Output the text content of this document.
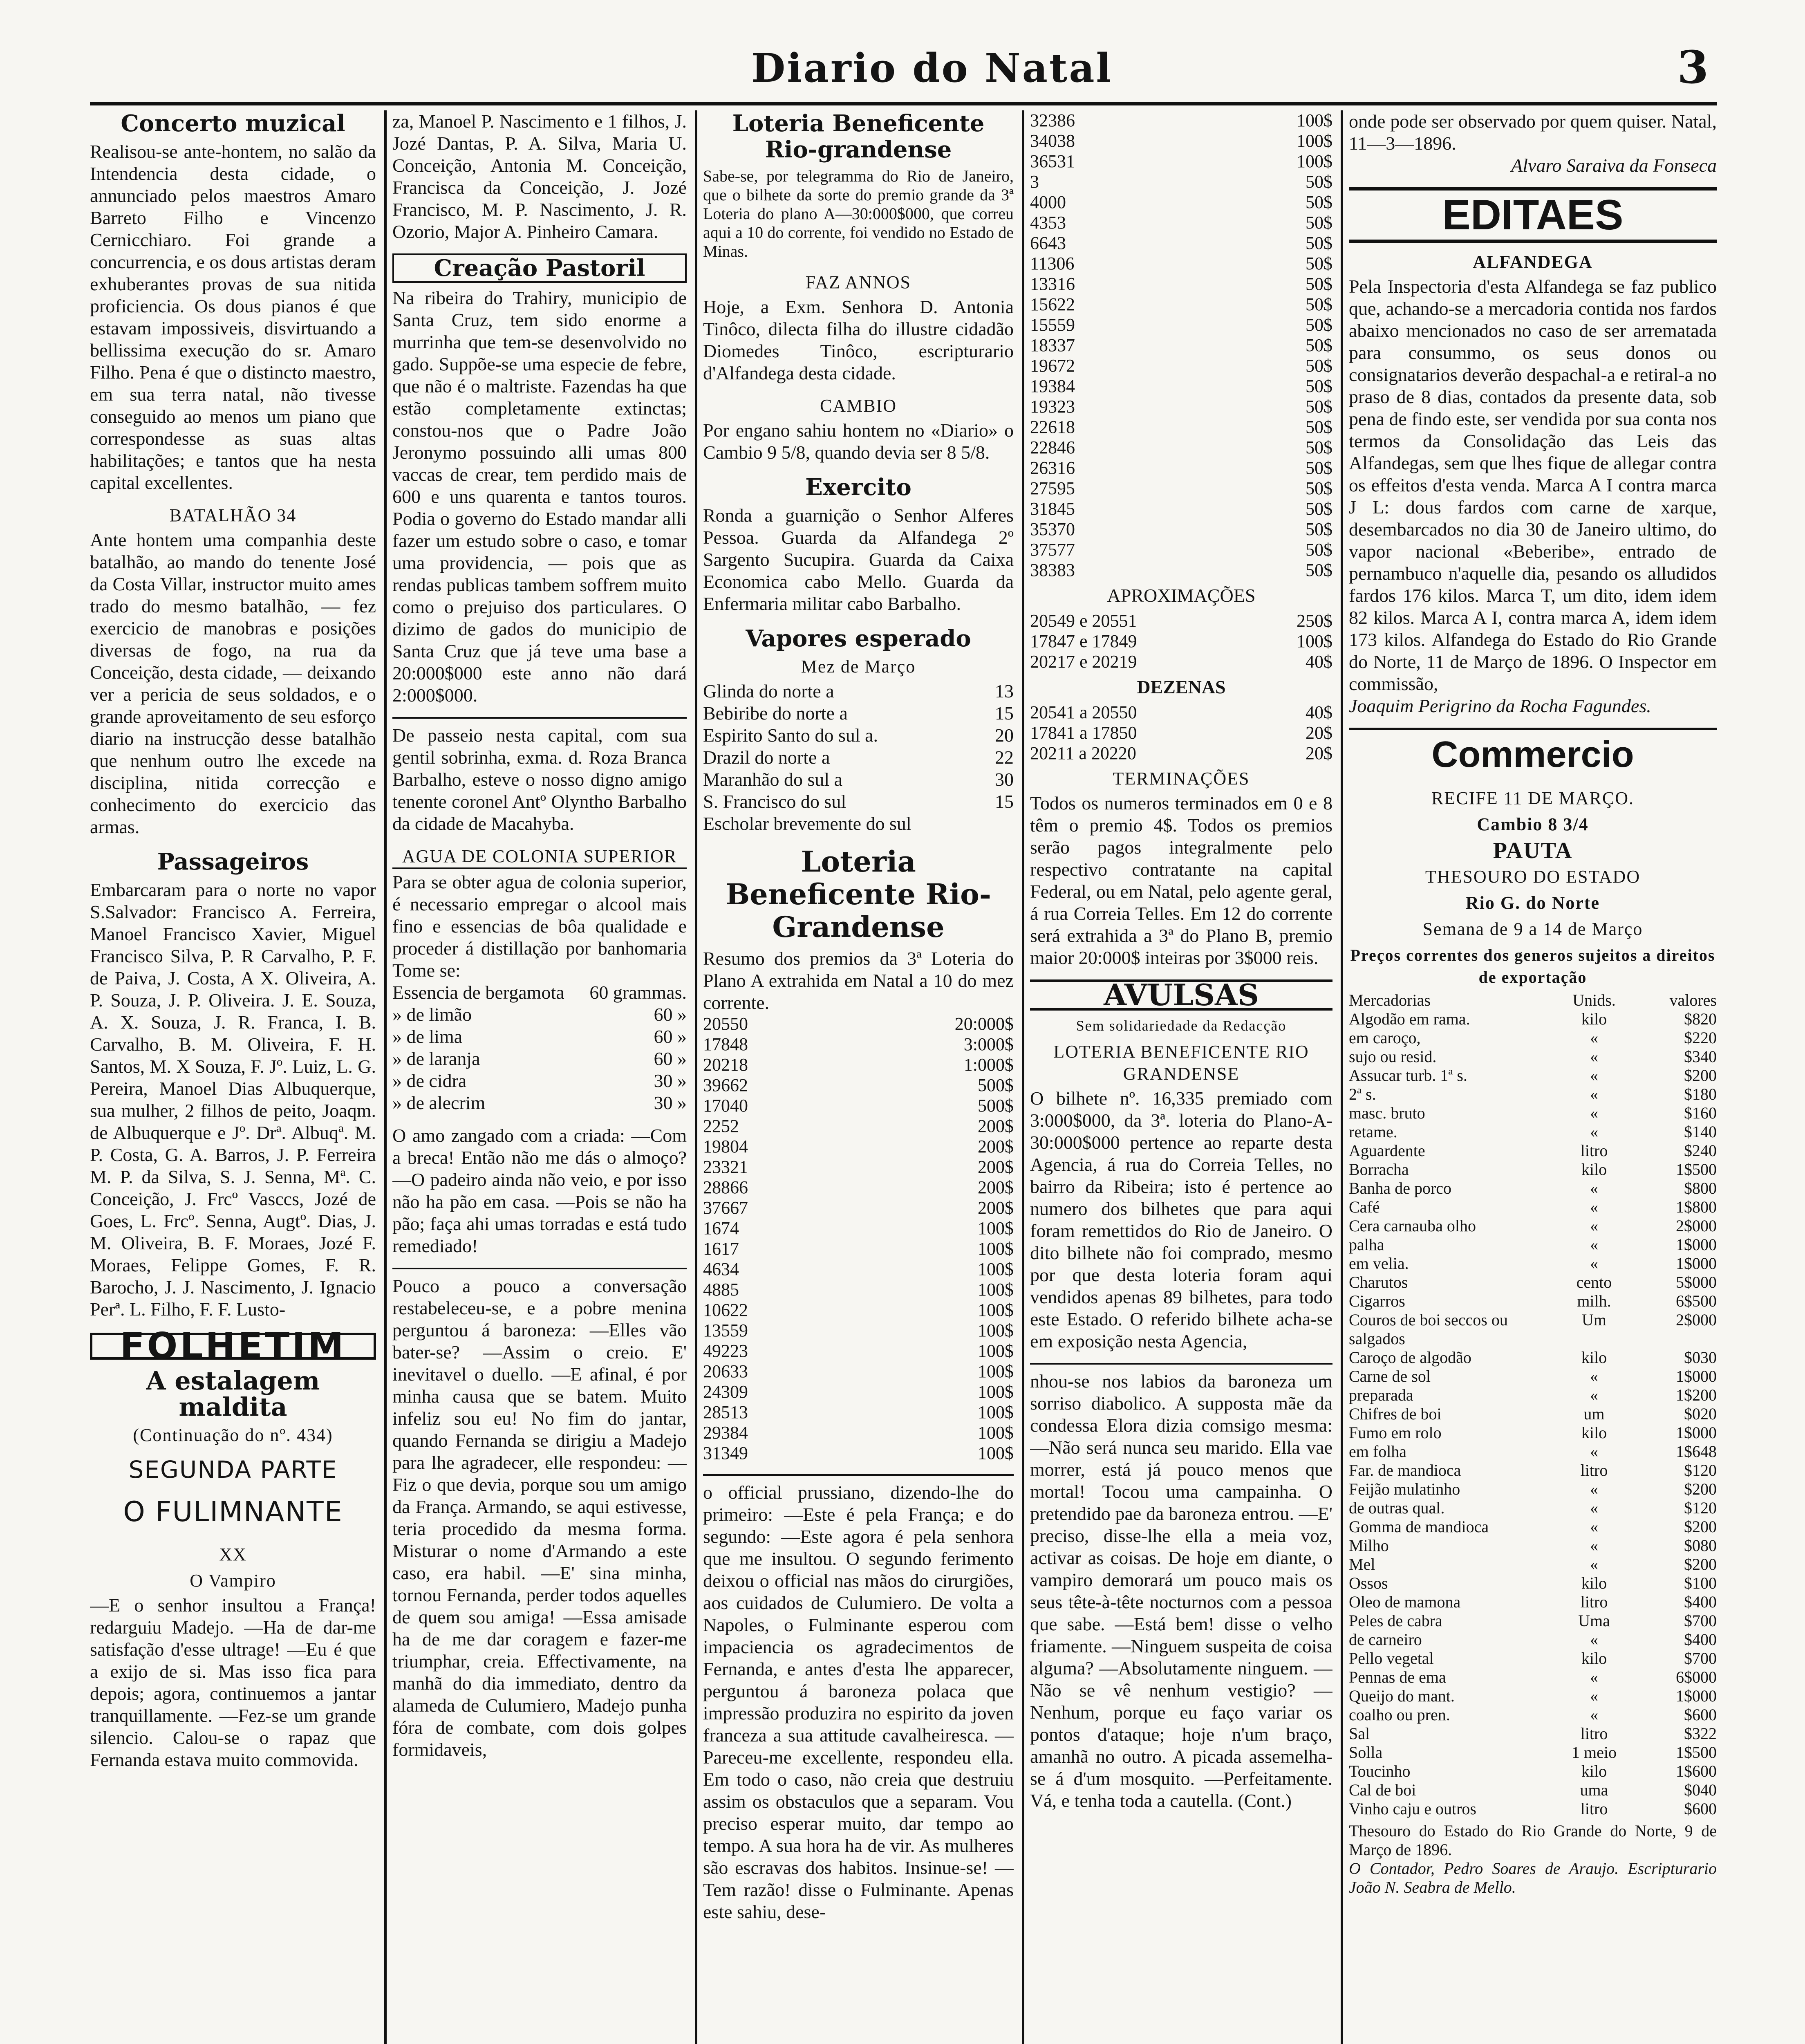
Diario do Natal	3
Concerto muzical

Realisou-se ante-hontem, no salão da Intendencia desta cidade, o annunciado pelos maestros Amaro Barreto Filho e Vincenzo Cernicchiaro. Foi grande a concurrencia, e os dous artistas deram exhuberantes provas de sua nitida proficiencia. Os dous pianos é que estavam impossiveis, disvirtuando a bellissima execução do sr. Amaro Filho. Pena é que o distincto maestro, em sua terra natal, não tivesse conseguido ao menos um piano que correspondesse as suas altas habilitações; e tantos que ha nesta capital excellentes.

BATALHÃO 34

Ante hontem uma companhia deste batalhão, ao mando do tenente José da Costa Villar, instructor muito ames trado do mesmo batalhão, — fez exercicio de manobras e posições diversas de fogo, na rua da Conceição, desta cidade, — deixando ver a pericia de seus soldados, e o grande aproveitamento de seu esforço diario na instrucção desse batalhão que nenhum outro lhe excede na disciplina, nitida correcção e conhecimento do exercicio das armas.

Passageiros

Embarcaram para o norte no vapor S.Salvador: Francisco A. Ferreira, Manoel Francisco Xavier, Miguel Francisco Silva, P. R Carvalho, P. F. de Paiva, J. Costa, A X. Oliveira, A. P. Souza, J. P. Oliveira. J. E. Souza, A. X. Souza, J. R. Franca, I. B. Carvalho, B. M. Oliveira, F. H. Santos, M. X Souza, F. Jº. Luiz, L. G. Pereira, Manoel Dias Albuquerque, sua mulher, 2 filhos de peito, Joaqm. de Albuquerque e Jº. Drª. Albuqª. M. P. Costa, G. A. Barros, J. P. Ferreira M. P. da Silva, S. J. Senna, Mª. C. Conceição, J. Frcº Vasccs, Jozé de Goes, L. Frcº. Senna, Augtº. Dias, J. M. Oliveira, B. F. Moraes, Jozé F. Moraes, Felippe Gomes, F. R. Barocho, J. J. Nascimento, J. Ignacio Perª. L. Filho, F. F. Lusto-

FOLHETIM
A estalagem maldita
(Continuação do nº. 434)
SEGUNDA PARTE
O FULIMNANTE
XX
O Vampiro

—E o senhor insultou a França! redarguiu Madejo. —Ha de dar-me satisfação d'esse ultrage! —Eu é que a exijo de si. Mas isso fica para depois; agora, continuemos a jantar tranquillamente. —Fez-se um grande silencio. Calou-se o rapaz que Fernanda estava muito commovida.

za, Manoel P. Nascimento e 1 filhos, J. Jozé Dantas, P. A. Silva, Maria U. Conceição, Antonia M. Conceição, Francisca da Conceição, J. Jozé Francisco, M. P. Nascimento, J. R. Ozorio, Major A. Pinheiro Camara.

Creação Pastoril

Na ribeira do Trahiry, municipio de Santa Cruz, tem sido enorme a murrinha que tem-se desenvolvido no gado. Suppõe-se uma especie de febre, que não é o maltriste. Fazendas ha que estão completamente extinctas; constou-nos que o Padre João Jeronymo possuindo alli umas 800 vaccas de crear, tem perdido mais de 600 e uns quarenta e tantos touros. Podia o governo do Estado mandar alli fazer um estudo sobre o caso, e tomar uma providencia, — pois que as rendas publicas tambem soffrem muito como o prejuiso dos particulares. O dizimo de gados do municipio de Santa Cruz que já teve uma base a 20:000$000 este anno não dará 2:000$000.

De passeio nesta capital, com sua gentil sobrinha, exma. d. Roza Branca Barbalho, esteve o nosso digno amigo tenente coronel Antº Olyntho Barbalho da cidade de Macahyba.

AGUA DE COLONIA SUPERIOR

Para se obter agua de colonia superior, é necessario empregar o alcool mais fino e essencias de bôa qualidade e proceder á distillação por banhomaria Tome se:

Essencia de bergamota 60 grammas.
» de limão	60 »
» de lima	60 »
» de laranja	60 »
» de cidra	30 »
» de alecrim	30 »

O amo zangado com a criada: —Com a breca! Então não me dás o almoço? —O padeiro ainda não veio, e por isso não ha pão em casa. —Pois se não ha pão; faça ahi umas torradas e está tudo remediado!

Pouco a pouco a conversação restabeleceu-se, e a pobre menina perguntou á baroneza: —Elles vão bater-se? —Assim o creio. E' inevitavel o duello. —E afinal, é por minha causa que se batem. Muito infeliz sou eu! No fim do jantar, quando Fernanda se dirigiu a Madejo para lhe agradecer, elle respondeu: —Fiz o que devia, porque sou um amigo da França. Armando, se aqui estivesse, teria procedido da mesma forma. Misturar o nome d'Armando a este caso, era habil. —E' sina minha, tornou Fernanda, perder todos aquelles de quem sou amiga! —Essa amisade ha de me dar coragem e fazer-me triumphar, creia. Effectivamente, na manhã do dia immediato, dentro da alameda de Culumiero, Madejo punha fóra de combate, com dois golpes formidaveis,

Loteria Beneficente Rio-grandense

Sabe-se, por telegramma do Rio de Janeiro, que o bilhete da sorte do premio grande da 3ª Loteria do plano A—30:000$000, que correu aqui a 10 do corrente, foi vendido no Estado de Minas.

FAZ ANNOS

Hoje, a Exm. Senhora D. Antonia Tinôco, dilecta filha do illustre cidadão Diomedes Tinôco, escripturario d'Alfandega desta cidade.

CAMBIO

Por engano sahiu hontem no «Diario» o Cambio 9 5/8, quando devia ser 8 5/8.

Exercito

Ronda a guarnição o Senhor Alferes Pessoa. Guarda da Alfandega 2º Sargento Sucupira. Guarda da Caixa Economica cabo Mello. Guarda da Enfermaria militar cabo Barbalho.

Vapores esperado
Mez de Março
Glinda do norte a	13
Bebiribe do norte a	15
Espirito Santo do sul a.	20
Drazil do norte a	22
Maranhão do sul a	30
S. Francisco do sul	15
Escholar brevemente do sul
Loteria Beneficente Rio-Grandense

Resumo dos premios da 3ª Loteria do Plano A extrahida em Natal a 10 do mez corrente.

20550	20:000$
17848	3:000$
20218	1:000$
39662	500$
17040	500$
2252	200$
19804	200$
23321	200$
28866	200$
37667	200$
1674	100$
1617	100$
4634	100$
4885	100$
10622	100$
13559	100$
49223	100$
20633	100$
24309	100$
28513	100$
29384	100$
31349	100$

o official prussiano, dizendo-lhe do primeiro: —Este é pela França; e do segundo: —Este agora é pela senhora que me insultou. O segundo ferimento deixou o official nas mãos do cirurgiões, aos cuidados de Culumiero. De volta a Napoles, o Fulminante esperou com impaciencia os agradecimentos de Fernanda, e antes d'esta lhe apparecer, perguntou á baroneza polaca que impressão produzira no espirito da joven franceza a sua attitude cavalheiresca. —Pareceu-me excellente, respondeu ella. Em todo o caso, não creia que destruiu assim os obstaculos que a separam. Vou preciso esperar muito, dar tempo ao tempo. A sua hora ha de vir. As mulheres são escravas dos habitos. Insinue-se! —Tem razão! disse o Fulminante. Apenas este sahiu, dese-

32386	100$
34038	100$
36531	100$
3	50$
4000	50$
4353	50$
6643	50$
11306	50$
13316	50$
15622	50$
15559	50$
18337	50$
19672	50$
19384	50$
19323	50$
22618	50$
22846	50$
26316	50$
27595	50$
31845	50$
35370	50$
37577	50$
38383	50$
APROXIMAÇÕES
20549 e 20551	250$
17847 e 17849	100$
20217 e 20219	40$
DEZENAS
20541 a 20550	40$
17841 a 17850	20$
20211 a 20220	20$
TERMINAÇÕES

Todos os numeros terminados em 0 e 8 têm o premio 4$. Todos os premios serão pagos integralmente pelo respectivo contratante na capital Federal, ou em Natal, pelo agente geral, á rua Correia Telles. Em 12 do corrente será extrahida a 3ª do Plano B, premio maior 20:000$ inteiras por 3$000 reis.

AVULSAS
Sem solidariedade da Redacção
LOTERIA BENEFICENTE RIO GRANDENSE

O bilhete nº. 16,335 premiado com 3:000$000, da 3ª. loteria do Plano-A-30:000$000 pertence ao reparte desta Agencia, á rua do Correia Telles, no bairro da Ribeira; isto é pertence ao numero dos bilhetes que para aqui foram remettidos do Rio de Janeiro. O dito bilhete não foi comprado, mesmo por que desta loteria foram aqui vendidos apenas 89 bilhetes, para todo este Estado. O referido bilhete acha-se em exposição nesta Agencia,

nhou-se nos labios da baroneza um sorriso diabolico. A supposta mãe da condessa Elora dizia comsigo mesma: —Não será nunca seu marido. Ella vae morrer, está já pouco menos que mortal! Tocou uma campainha. O pretendido pae da baroneza entrou. —E' preciso, disse-lhe ella a meia voz, activar as coisas. De hoje em diante, o vampiro demorará um pouco mais os seus tête-à-tête nocturnos com a pessoa que sabe. —Está bem! disse o velho friamente. —Ninguem suspeita de coisa alguma? —Absolutamente ninguem. —Não se vê nenhum vestigio? —Nenhum, porque eu faço variar os pontos d'ataque; hoje n'um braço, amanhã no outro. A picada assemelha-se á d'um mosquito. —Perfeitamente. Vá, e tenha toda a cautella. (Cont.)

onde pode ser observado por quem quiser. Natal, 11—3—1896.

Alvaro Saraiva da Fonseca

EDITAES
ALFANDEGA

Pela Inspectoria d'esta Alfandega se faz publico que, achando-se a mercadoria contida nos fardos abaixo mencionados no caso de ser arrematada para consummo, os seus donos ou consignatarios deverão despachal-a e retiral-a no praso de 8 dias, contados da presente data, sob pena de findo este, ser vendida por sua conta nos termos da Consolidação das Leis das Alfandegas, sem que lhes fique de allegar contra os effeitos d'esta venda. Marca A I contra marca J L: dous fardos com carne de xarque, desembarcados no dia 30 de Janeiro ultimo, do vapor nacional «Beberibe», entrado de pernambuco n'aquelle dia, pesando os alludidos fardos 176 kilos. Marca T, um dito, idem idem 82 kilos. Marca A I, contra marca A, idem idem 173 kilos. Alfandega do Estado do Rio Grande do Norte, 11 de Março de 1896. O Inspector em commissão,

Joaquim Perigrino da Rocha Fagundes.

Commercio
RECIFE 11 DE MARÇO.
Cambio 8 3/4
PAUTA
THESOURO DO ESTADO
Rio G. do Norte
Semana de 9 a 14 de Março
Preços correntes dos generos sujeitos a direitos de exportação
Mercadorias	Unids.	valores
Algodão em rama.	kilo	$820
em caroço,	«	$220
sujo ou resid.	«	$340
Assucar turb. 1ª s.	«	$200
2ª s.	«	$180
masc. bruto	«	$160
retame.	«	$140
Aguardente	litro	$240
Borracha	kilo	1$500
Banha de porco	«	$800
Café	«	1$800
Cera carnauba olho	«	2$000
palha	«	1$000
em velia.	«	1$000
Charutos	cento	5$000
Cigarros	milh.	6$500
Couros de boi seccos ou salgados
Um	2$000
Caroço de algodão	kilo	$030
Carne de sol	«	1$000
preparada	«	1$200
Chifres de boi	um	$020
Fumo em rolo	kilo	1$000
em folha	«	1$648
Far. de mandioca	litro	$120
Feijão mulatinho	«	$200
de outras qual.	«	$120
Gomma de mandioca	«	$200
Milho	«	$080
Mel	«	$200
Ossos	kilo	$100
Oleo de mamona	litro	$400
Peles de cabra	Uma	$700
de carneiro	«	$400
Pello vegetal	kilo	$700
Pennas de ema	«	6$000
Queijo do mant.	«	1$000
coalho ou pren.	«	$600
Sal	litro	$322
Solla	1 meio	1$500
Toucinho	kilo	1$600
Cal de boi	uma	$040
Vinho caju e outros	litro	$600

Thesouro do Estado do Rio Grande do Norte, 9 de Março de 1896.

O Contador, Pedro Soares de Araujo. Escripturario João N. Seabra de Mello.
